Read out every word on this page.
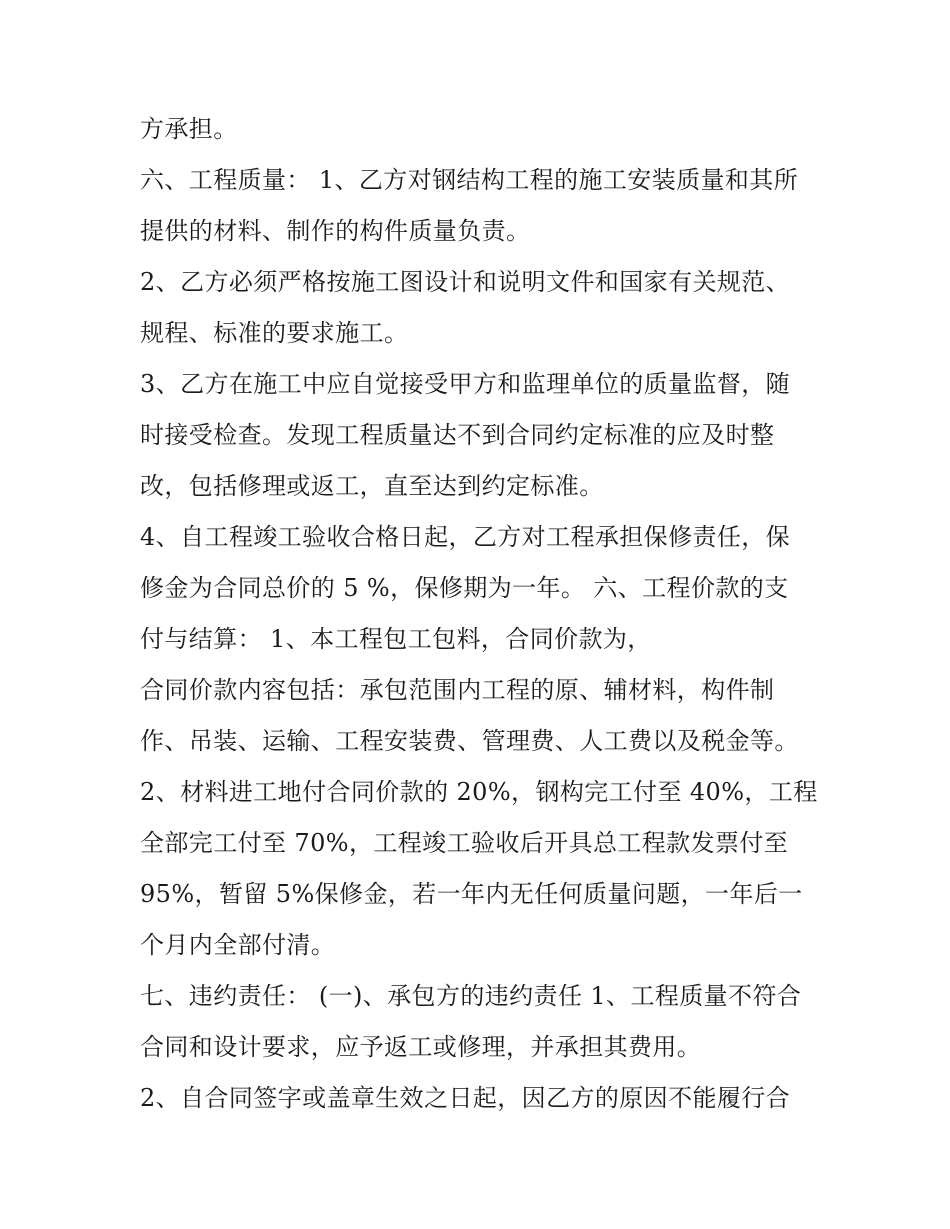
方承担。
六、工程质量： 1、乙方对钢结构工程的施工安装质量和其所
提供的材料、制作的构件质量负责。
2、乙方必须严格按施工图设计和说明文件和国家有关规范、
规程、标准的要求施工。
3、乙方在施工中应自觉接受甲方和监理单位的质量监督，随
时接受检查。发现工程质量达不到合同约定标准的应及时整
改，包括修理或返工，直至达到约定标准。
4、自工程竣工验收合格日起，乙方对工程承担保修责任，保
修金为合同总价的 5 %，保修期为一年。 六、工程价款的支
付与结算： 1、本工程包工包料，合同价款为，
合同价款内容包括：承包范围内工程的原、辅材料，构件制
作、吊装、运输、工程安装费、管理费、人工费以及税金等。
2、材料进工地付合同价款的 20%，钢构完工付至 40%，工程
全部完工付至 70%，工程竣工验收后开具总工程款发票付至
95%，暂留 5%保修金，若一年内无任何质量问题，一年后一
个月内全部付清。
七、违约责任： (一)、承包方的违约责任 1、工程质量不符合
合同和设计要求，应予返工或修理，并承担其费用。
2、自合同签字或盖章生效之日起，因乙方的原因不能履行合
